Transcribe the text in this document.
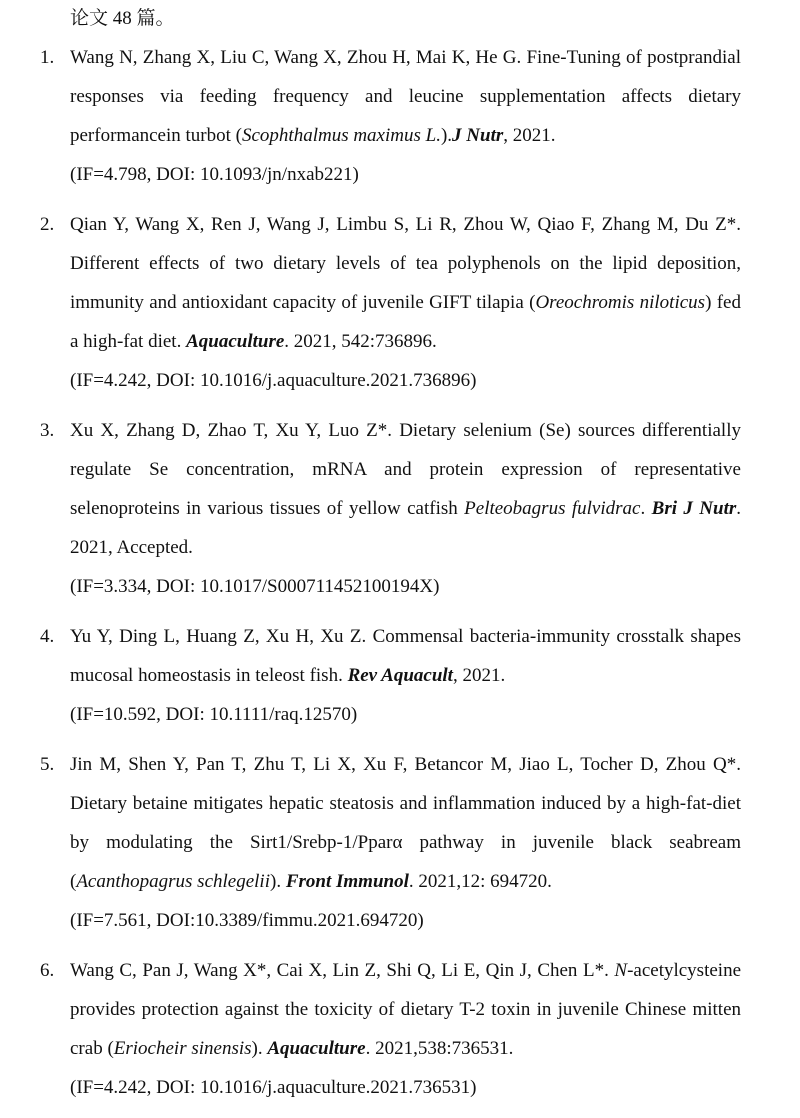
论文 48 篇。
1. Wang N, Zhang X, Liu C, Wang X, Zhou H, Mai K, He G. Fine-Tuning of postprandial responses via feeding frequency and leucine supplementation affects dietary performancein turbot (Scophthalmus maximus L.).J Nutr, 2021.
(IF=4.798, DOI: 10.1093/jn/nxab221)
2. Qian Y, Wang X, Ren J, Wang J, Limbu S, Li R, Zhou W, Qiao F, Zhang M, Du Z*. Different effects of two dietary levels of tea polyphenols on the lipid deposition, immunity and antioxidant capacity of juvenile GIFT tilapia (Oreochromis niloticus) fed a high-fat diet. Aquaculture. 2021, 542:736896.
(IF=4.242, DOI: 10.1016/j.aquaculture.2021.736896)
3. Xu X, Zhang D, Zhao T, Xu Y, Luo Z*. Dietary selenium (Se) sources differentially regulate Se concentration, mRNA and protein expression of representative selenoproteins in various tissues of yellow catfish Pelteobagrus fulvidrac. Bri J Nutr. 2021, Accepted.
(IF=3.334, DOI: 10.1017/S000711452100194X)
4. Yu Y, Ding L, Huang Z, Xu H, Xu Z. Commensal bacteria-immunity crosstalk shapes mucosal homeostasis in teleost fish. Rev Aquacult, 2021.
(IF=10.592, DOI: 10.1111/raq.12570)
5. Jin M, Shen Y, Pan T, Zhu T, Li X, Xu F, Betancor M, Jiao L, Tocher D, Zhou Q*. Dietary betaine mitigates hepatic steatosis and inflammation induced by a high-fat-diet by modulating the Sirt1/Srebp-1/Pparα pathway in juvenile black seabream (Acanthopagrus schlegelii). Front Immunol. 2021,12: 694720.
(IF=7.561, DOI:10.3389/fimmu.2021.694720)
6. Wang C, Pan J, Wang X*, Cai X, Lin Z, Shi Q, Li E, Qin J, Chen L*. N-acetylcysteine provides protection against the toxicity of dietary T-2 toxin in juvenile Chinese mitten crab (Eriocheir sinensis). Aquaculture. 2021,538:736531.
(IF=4.242, DOI: 10.1016/j.aquaculture.2021.736531)
